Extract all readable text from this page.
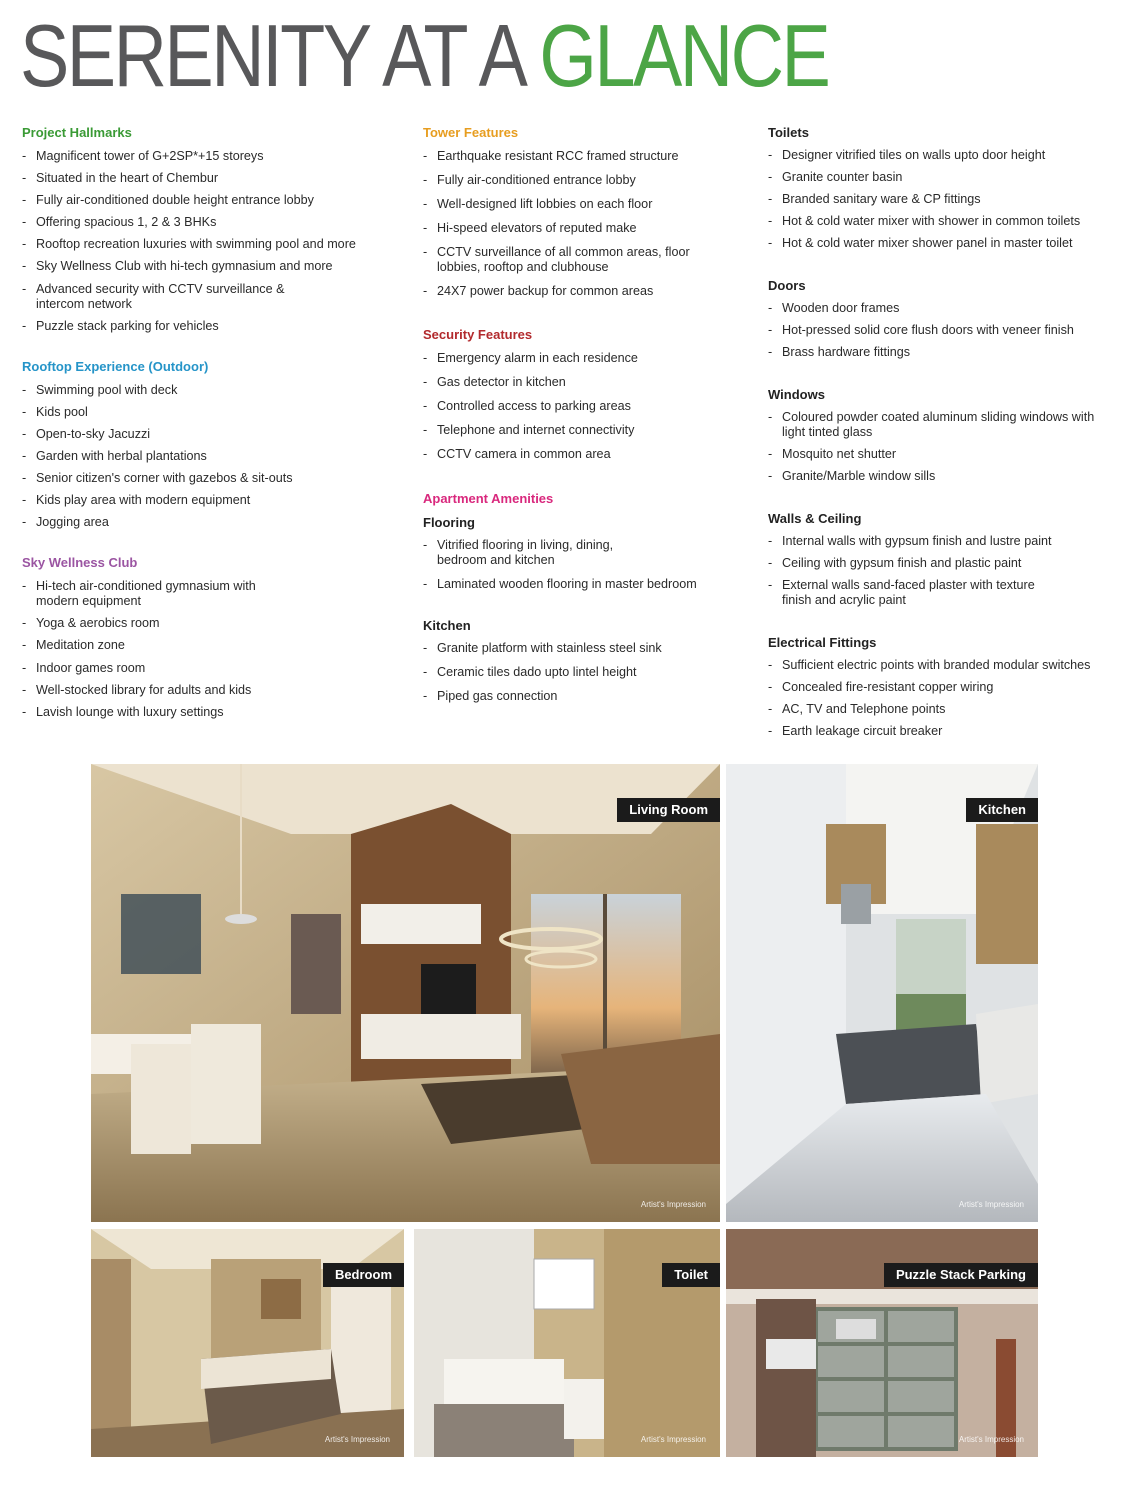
SERENITY AT A GLANCE
Project Hallmarks
- Magnificent tower of G+2SP*+15 storeys
- Situated in the heart of Chembur
- Fully air-conditioned double height entrance lobby
- Offering spacious 1, 2 & 3 BHKs
- Rooftop recreation luxuries with swimming pool and more
- Sky Wellness Club with hi-tech gymnasium and more
- Advanced security with CCTV surveillance & intercom network
- Puzzle stack parking for vehicles
Rooftop Experience (Outdoor)
- Swimming pool with deck
- Kids pool
- Open-to-sky Jacuzzi
- Garden with herbal plantations
- Senior citizen's corner with gazebos & sit-outs
- Kids play area with modern equipment
- Jogging area
Sky Wellness Club
- Hi-tech air-conditioned gymnasium with modern equipment
- Yoga & aerobics room
- Meditation zone
- Indoor games room
- Well-stocked library for adults and kids
- Lavish lounge with luxury settings
Tower Features
- Earthquake resistant RCC framed structure
- Fully air-conditioned entrance lobby
- Well-designed lift lobbies on each floor
- Hi-speed elevators of reputed make
- CCTV surveillance of all common areas, floor lobbies, rooftop and clubhouse
- 24X7 power backup for common areas
Security Features
- Emergency alarm in each residence
- Gas detector in kitchen
- Controlled access to parking areas
- Telephone and internet connectivity
- CCTV camera in common area
Apartment Amenities
Flooring
- Vitrified flooring in living, dining, bedroom and kitchen
- Laminated wooden flooring in master bedroom
Kitchen
- Granite platform with stainless steel sink
- Ceramic tiles dado upto lintel height
- Piped gas connection
Toilets
- Designer vitrified tiles on walls upto door height
- Granite counter basin
- Branded sanitary ware & CP fittings
- Hot & cold water mixer with shower in common toilets
- Hot & cold water mixer shower panel in master toilet
Doors
- Wooden door frames
- Hot-pressed solid core flush doors with veneer finish
- Brass hardware fittings
Windows
- Coloured powder coated aluminum sliding windows with light tinted glass
- Mosquito net shutter
- Granite/Marble window sills
Walls & Ceiling
- Internal walls with gypsum finish and lustre paint
- Ceiling with gypsum finish and plastic paint
- External walls sand-faced plaster with texture finish and acrylic paint
Electrical Fittings
- Sufficient electric points with branded modular switches
- Concealed fire-resistant copper wiring
- AC, TV and Telephone points
- Earth leakage circuit breaker
Living Room
Artist's Impression
Kitchen
Artist's Impression
Bedroom
Artist's Impression
Toilet
Artist's Impression
Puzzle Stack Parking
Artist's Impression
